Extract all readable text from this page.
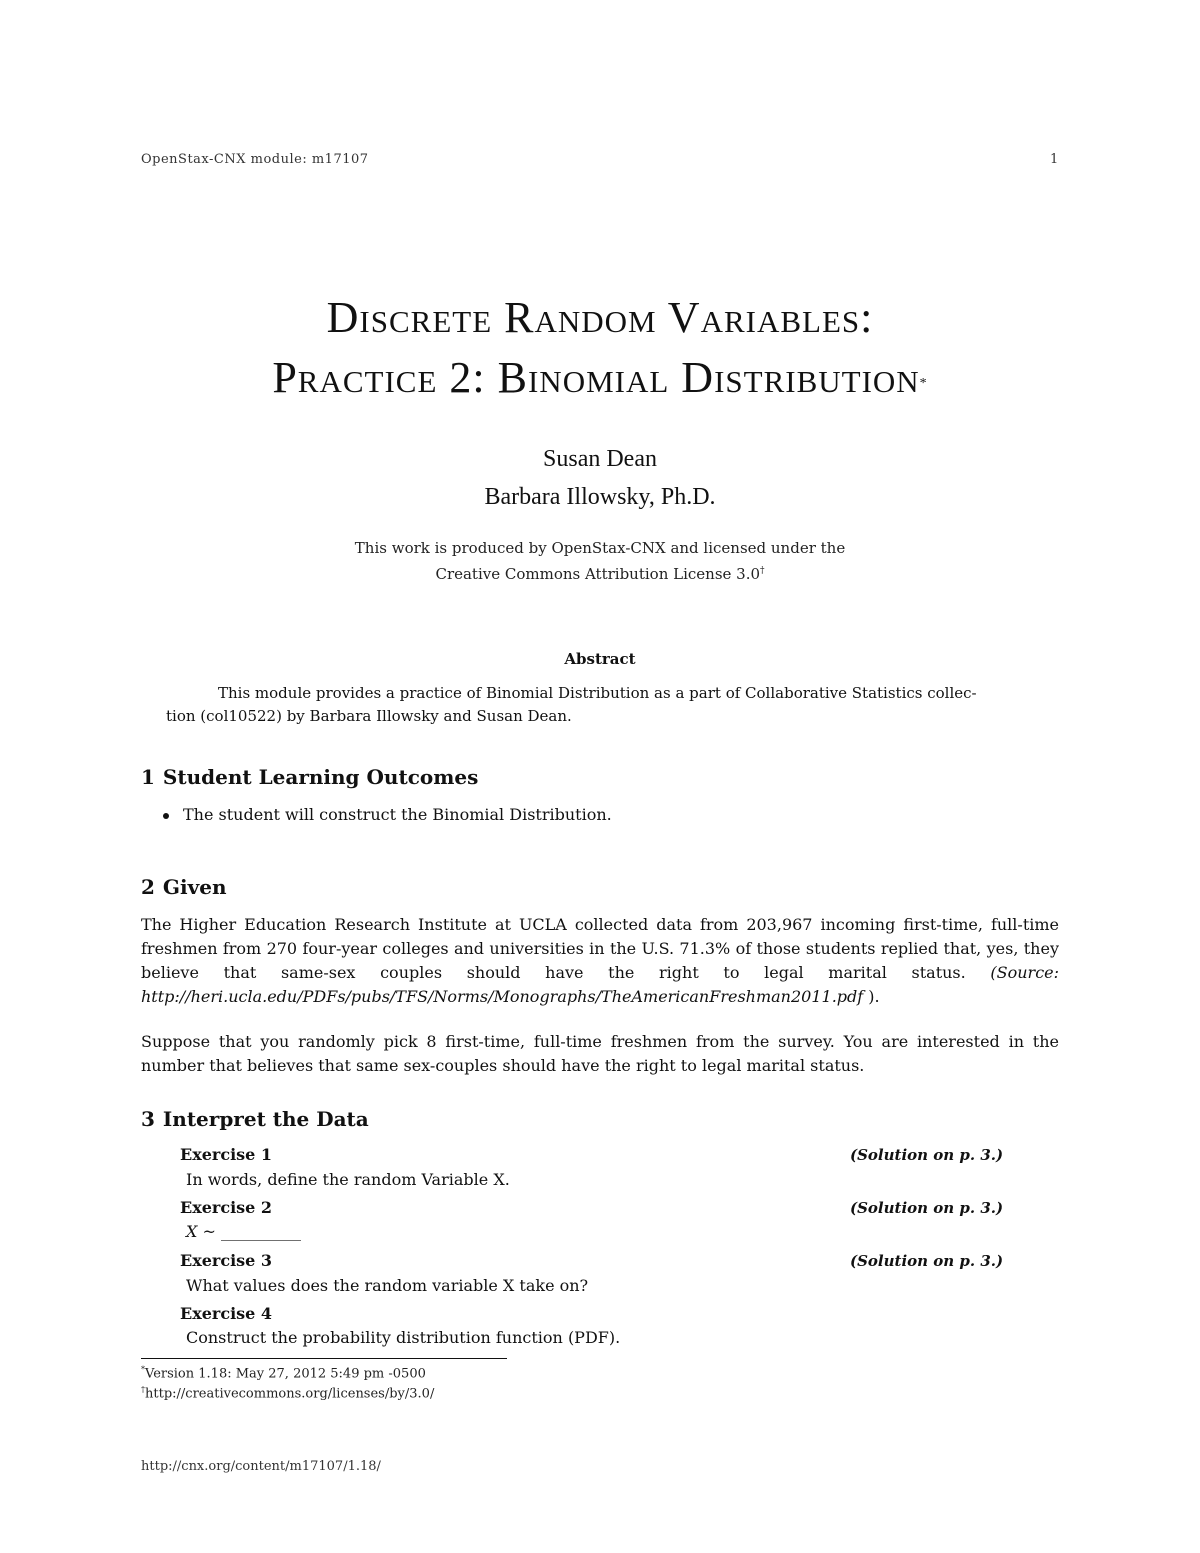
OpenStax-CNX module: m17107	1
Discrete Random Variables:
Practice 2: Binomial Distribution*
Susan Dean
Barbara Illowsky, Ph.D.
This work is produced by OpenStax-CNX and licensed under the
Creative Commons Attribution License 3.0†
Abstract
This module provides a practice of Binomial Distribution as a part of Collaborative Statistics collec-
tion (col10522) by Barbara Illowsky and Susan Dean.
1 Student Learning Outcomes
The student will construct the Binomial Distribution.
2 Given
The Higher Education Research Institute at UCLA collected data from 203,967 incoming first-time, full-time freshmen from 270 four-year colleges and universities in the U.S. 71.3% of those students replied that, yes, they believe that same-sex couples should have the right to legal marital status. (Source: http://heri.ucla.edu/PDFs/pubs/TFS/Norms/Monographs/TheAmericanFreshman2011.pdf ).
Suppose that you randomly pick 8 first-time, full-time freshmen from the survey. You are interested in the number that believes that same sex-couples should have the right to legal marital status.
3 Interpret the Data
Exercise 1	(Solution on p. 3.)
In words, define the random Variable X.
Exercise 2	(Solution on p. 3.)
X ~ __________
Exercise 3	(Solution on p. 3.)
What values does the random variable X take on?
Exercise 4
Construct the probability distribution function (PDF).
*Version 1.18: May 27, 2012 5:49 pm -0500
†http://creativecommons.org/licenses/by/3.0/
http://cnx.org/content/m17107/1.18/
